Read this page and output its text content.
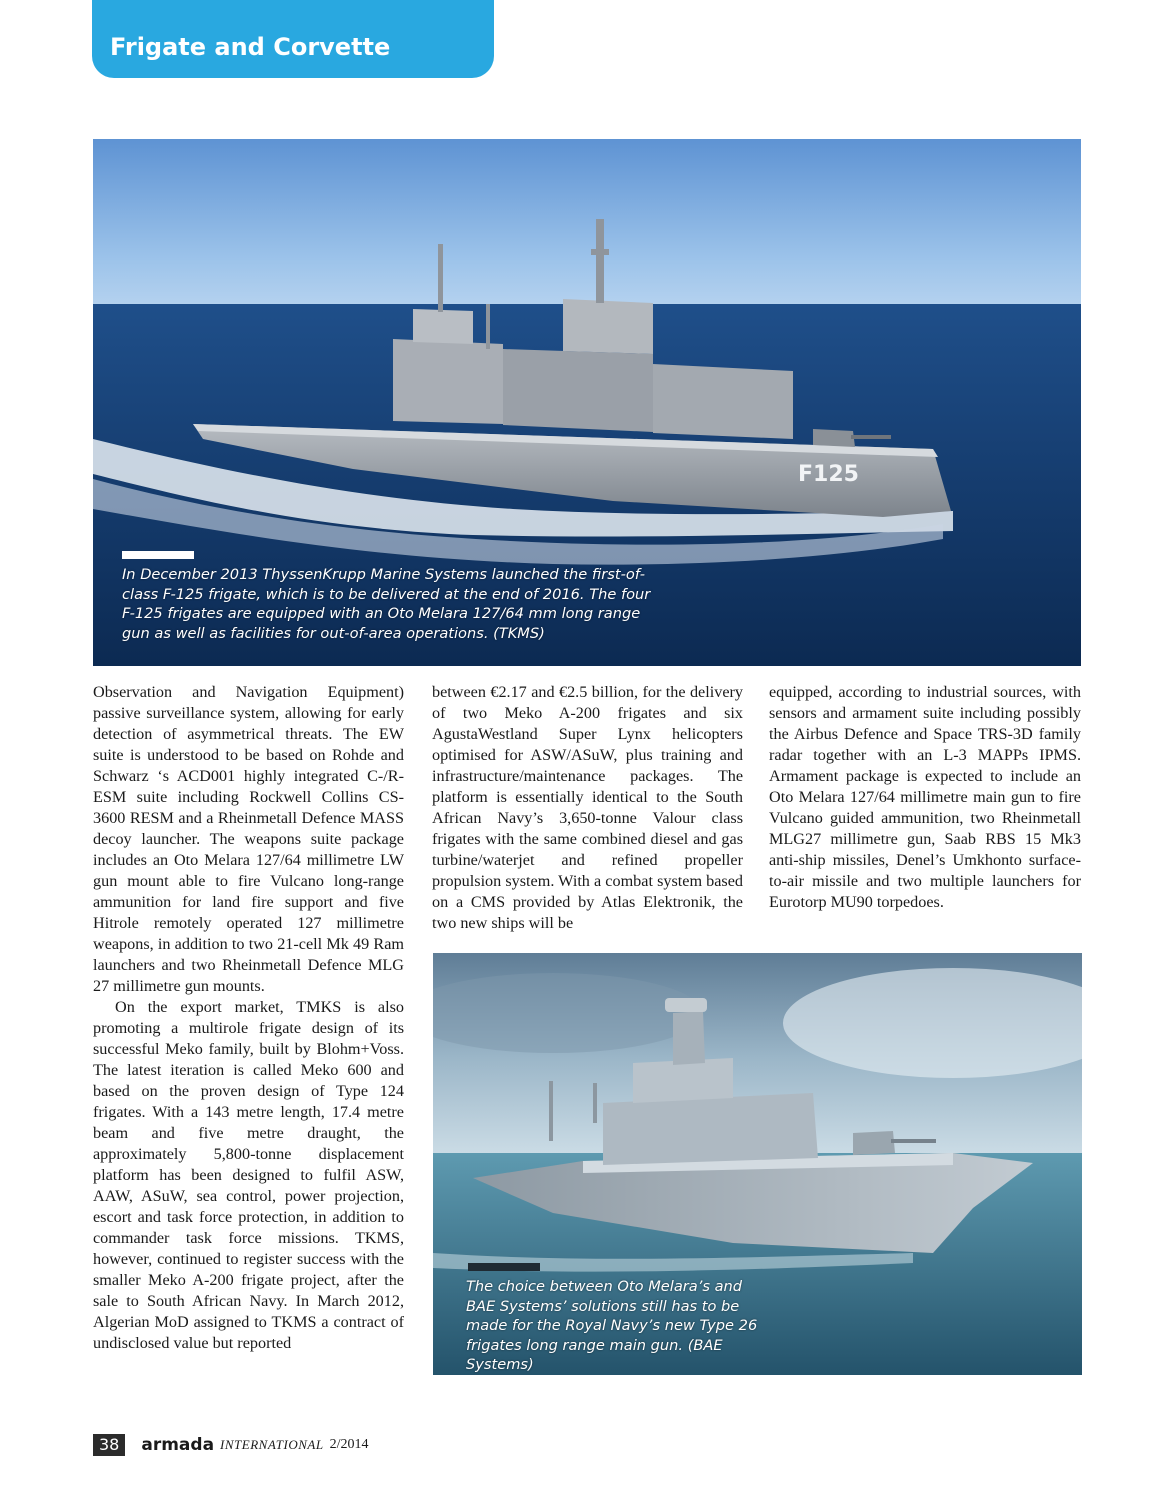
Frigate and Corvette
F125
In December 2013 ThyssenKrupp Marine Systems launched the first-of-class F-125 frigate, which is to be delivered at the end of 2016. The four F-125 frigates are equipped with an Oto Melara 127/64 mm long range gun as well as facilities for out-of-area operations. (TKMS)

Observation and Navigation Equipment) passive surveillance system, allowing for early detection of asymmetrical threats. The EW suite is understood to be based on Rohde and Schwarz ‘s ACD001 highly integrated C-/R-ESM suite including Rockwell Collins CS-3600 RESM and a Rheinmetall Defence MASS decoy launcher. The weapons suite package includes an Oto Melara 127/64 millimetre LW gun mount able to fire Vulcano long-range ammunition for land fire support and five Hitrole remotely operated 127 millimetre weapons, in addition to two 21-cell Mk 49 Ram launchers and two Rheinmetall Defence MLG 27 millimetre gun mounts.

On the export market, TMKS is also promoting a multirole frigate design of its successful Meko family, built by Blohm+Voss. The latest iteration is called Meko 600 and based on the proven design of Type 124 frigates. With a 143 metre length, 17.4 metre beam and five metre draught, the approximately 5,800-tonne displacement platform has been designed to fulfil ASW, AAW, ASuW, sea control, power projection, escort and task force protection, in addition to commander task force missions. TKMS, however, continued to register success with the smaller Meko A-200 frigate project, after the sale to South African Navy. In March 2012, Algerian MoD assigned to TKMS a contract of undisclosed value but reported

between €2.17 and €2.5 billion, for the delivery of two Meko A-200 frigates and six AgustaWestland Super Lynx helicopters optimised for ASW/ASuW, plus training and infrastructure/maintenance packages. The platform is essentially identical to the South African Navy’s 3,650-tonne Valour class frigates with the same combined diesel and gas turbine/waterjet and refined propeller propulsion system. With a combat system based on a CMS provided by Atlas Elektronik, the two new ships will be

equipped, according to industrial sources, with sensors and armament suite including possibly the Airbus Defence and Space TRS-3D family radar together with an L-3 MAPPs IPMS. Armament package is expected to include an Oto Melara 127/64 millimetre main gun to fire Vulcano guided ammunition, two Rheinmetall MLG27 millimetre gun, Saab RBS 15 Mk3 anti-ship missiles, Denel’s Umkhonto surface-to-air missile and two multiple launchers for Eurotorp MU90 torpedoes.

The choice between Oto Melara’s and BAE Systems’ solutions still has to be made for the Royal Navy’s new Type 26 frigates long range main gun. (BAE Systems)
38	armada INTERNATIONAL 2/2014
